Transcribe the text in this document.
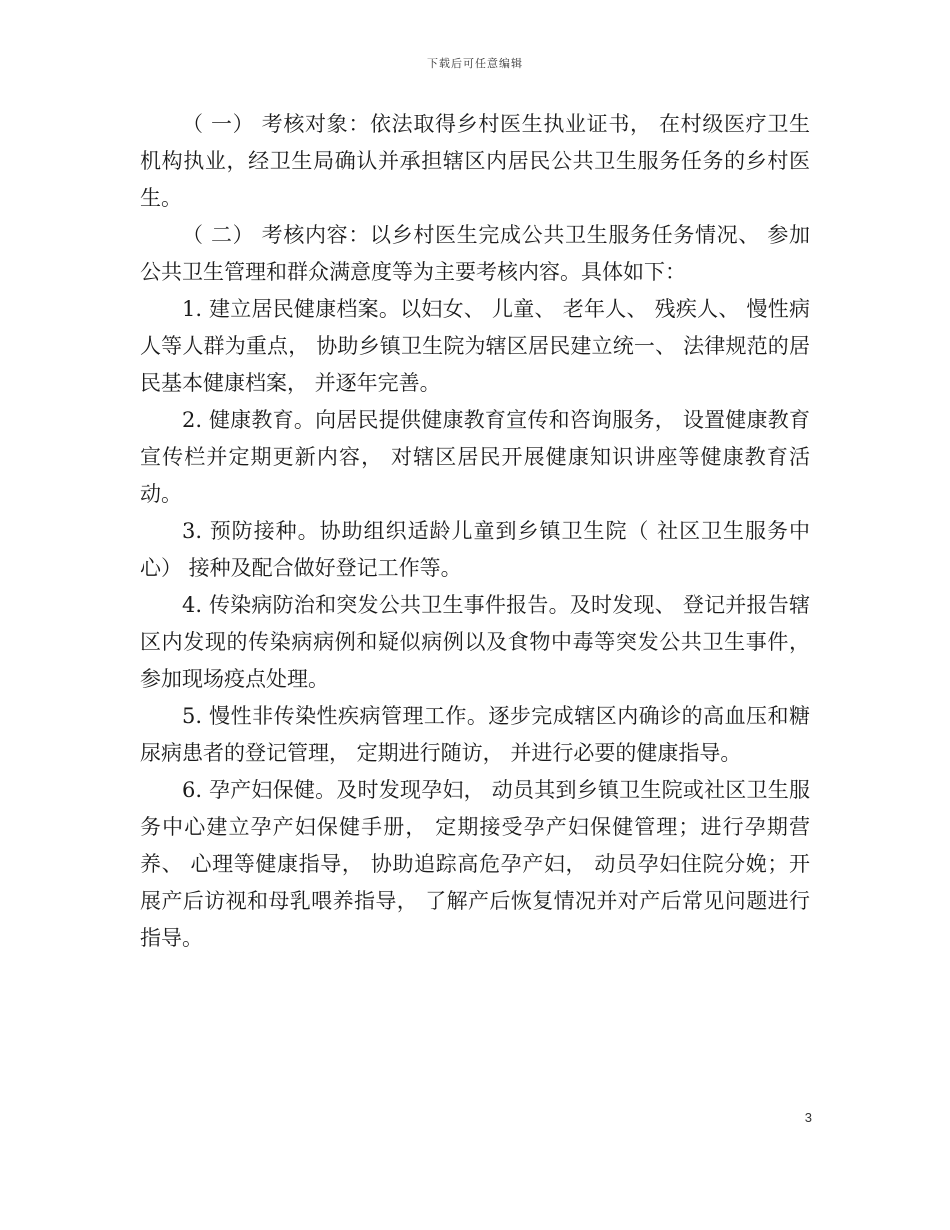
下载后可任意编辑

（ 一） 考核对象：依法取得乡村医生执业证书， 在村级医疗卫生机构执业，经卫生局确认并承担辖区内居民公共卫生服务任务的乡村医生。

（ 二） 考核内容：以乡村医生完成公共卫生服务任务情况、 参加公共卫生管理和群众满意度等为主要考核内容。具体如下：

1. 建立居民健康档案。以妇女、 儿童、 老年人、 残疾人、 慢性病人等人群为重点， 协助乡镇卫生院为辖区居民建立统一、 法律规范的居民基本健康档案， 并逐年完善。

2. 健康教育。向居民提供健康教育宣传和咨询服务， 设置健康教育宣传栏并定期更新内容， 对辖区居民开展健康知识讲座等健康教育活动。

3. 预防接种。协助组织适龄儿童到乡镇卫生院（ 社区卫生服务中心） 接种及配合做好登记工作等。

4. 传染病防治和突发公共卫生事件报告。及时发现、 登记并报告辖区内发现的传染病病例和疑似病例以及食物中毒等突发公共卫生事件， 参加现场疫点处理。

5. 慢性非传染性疾病管理工作。逐步完成辖区内确诊的高血压和糖尿病患者的登记管理， 定期进行随访， 并进行必要的健康指导。

6. 孕产妇保健。及时发现孕妇， 动员其到乡镇卫生院或社区卫生服务中心建立孕产妇保健手册， 定期接受孕产妇保健管理；进行孕期营养、 心理等健康指导， 协助追踪高危孕产妇， 动员孕妇住院分娩；开展产后访视和母乳喂养指导， 了解产后恢复情况并对产后常见问题进行指导。

3
